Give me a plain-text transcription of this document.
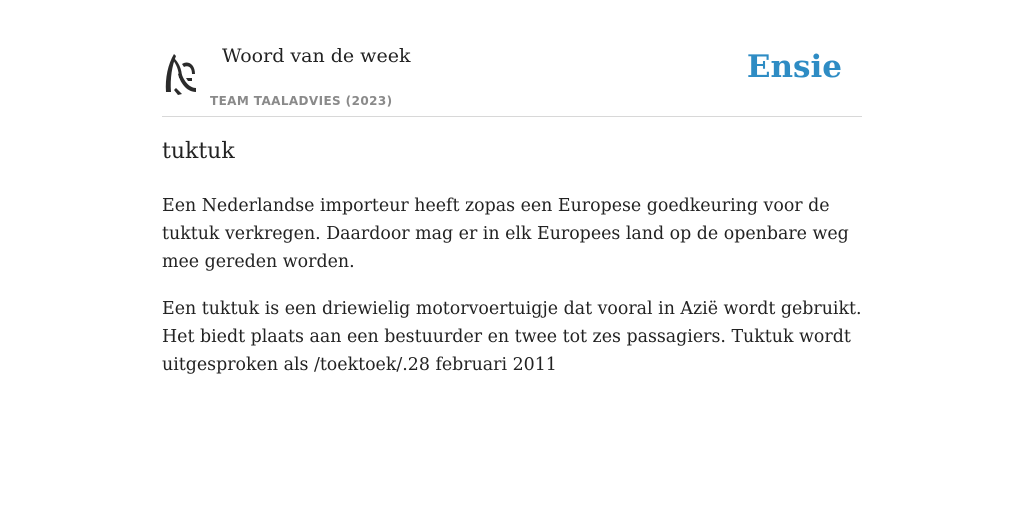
Woord van de week

TEAM TAALADVIES (2023)

Ensie
tuktuk

Een Nederlandse importeur heeft zopas een Europese goedkeuring voor de tuktuk verkregen. Daardoor mag er in elk Europees land op de openbare weg mee gereden worden.

Een tuktuk is een driewielig motorvoertuigje dat vooral in Azië wordt gebruikt. Het biedt plaats aan een bestuurder en twee tot zes passagiers. Tuktuk wordt uitgesproken als /toektoek/.28 februari 2011
